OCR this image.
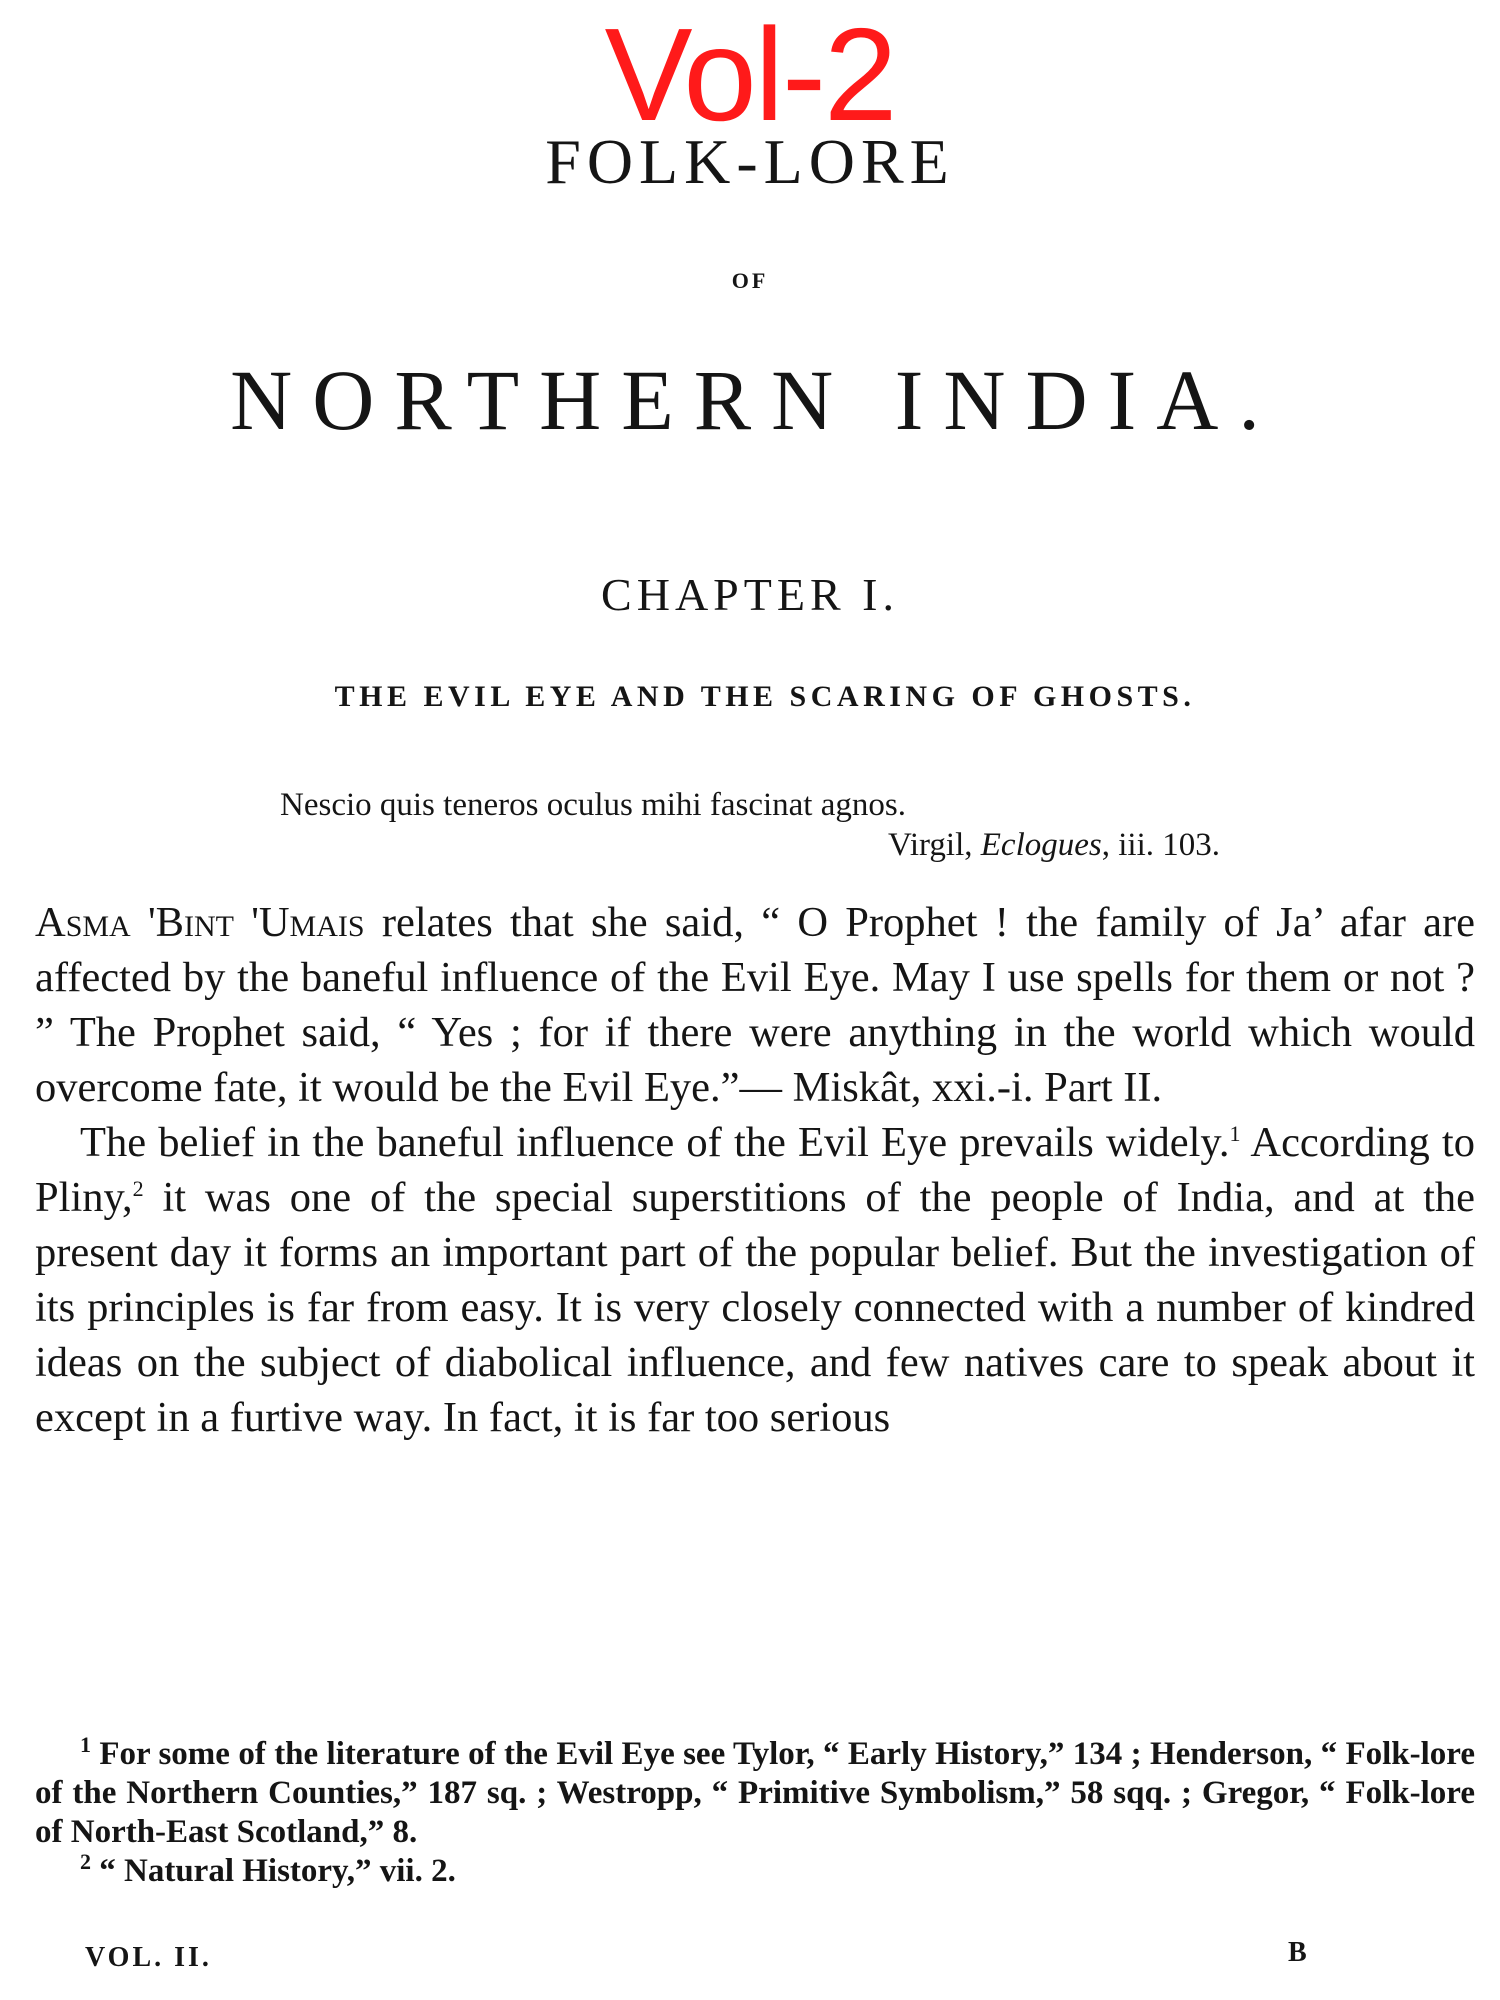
Vol-2
FOLK-LORE
OF
NORTHERN INDIA.
CHAPTER I.
THE EVIL EYE AND THE SCARING OF GHOSTS.
Nescio quis teneros oculus mihi fascinat agnos.
Virgil, Eclogues, iii. 103.

Asma 'Bint 'Umais relates that she said, “ O Prophet ! the family of Ja’ afar are affected by the baneful influence of the Evil Eye. May I use spells for them or not ? ” The Prophet said, “ Yes ; for if there were anything in the world which would overcome fate, it would be the Evil Eye.”— Miskât, xxi.-i. Part II.

The belief in the baneful influence of the Evil Eye prevails widely.$^1$ According to Pliny,$^2$ it was one of the special superstitions of the people of India, and at the present day it forms an important part of the popular belief. But the investigation of its principles is far from easy. It is very closely connected with a number of kindred ideas on the subject of diabolical influence, and few natives care to speak about it except in a furtive way. In fact, it is far too serious

$^1$ For some of the literature of the Evil Eye see Tylor, “ Early History,” 134 ; Henderson, “ Folk-lore of the Northern Counties,” 187 sq. ; Westropp, “ Primitive Symbolism,” 58 sqq. ; Gregor, “ Folk-lore of North-East Scotland,” 8.

$^2$ “ Natural History,” vii. 2.

VOL. II.	B
